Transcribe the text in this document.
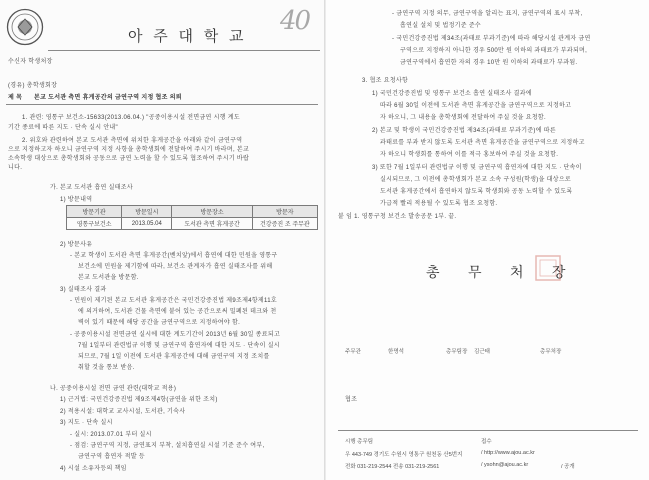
아 주 대 학 교 40
수신자 학생처장
(경유) 총학생회장
제 목 본교 도서관 측면 휴게공간의 금연구역 지정 협조 의뢰
1. 관련: 영통구 보건소-15633(2013.06.04.) "공중이용시설 전면금연 시행 계도
기간 종료에 따른 지도 · 단속 실시 안내"
2. 위호와 관련하여 본교 도서관 측면에 위치한 휴게공간을 아래와 같이 금연구역
으로 지정하고자 하오니 금연구역 지정 사항을 총학생회에 전달하여 주시기 바라며, 본교
소속학생 대상으로 총학생회와 공동으로 금연 노력을 할 수 있도록 협조하여 주시기 바랍
니다.
가. 본교 도서관 흡연 실태조사
1) 방문내역
방문기관	방문일시	방문장소	방문자
영통구보건소	2013.05.04	도서관 측면 휴게공간	건강증진 조 주무관
2) 방문사유
- 본교 학생이 도서관 측면 휴게공간(벤치앞)에서 흡연에 대한 민원을 영통구
보건소에 민원을 제기함에 따라, 보건소 관계자가 흡연 실태조사를 위해
본교 도서관을 방문함.
3) 실태조사 결과
- 민원이 제기된 본교 도서관 휴게공간은 국민건강증진법 제9조제4항제11호
에 의거하여, 도서관 건물 측면에 붙어 있는 공간으로써 밀폐된 데크와 천
벽이 있기 때문에 해당 공간을 금연구역으로 지정하여야 함.
- 공중이용시설 전면금연 실시에 대한 계도기간이 2013년 6월 30일 종료되고
7월 1일부터 관련법규 이행 및 금연구역 흡연자에 대한 지도 · 단속이 실시
되므로, 7월 1일 이전에 도서관 휴게공간에 대해 금연구역 지정 조치를
취할 것을 통보 받음.
나. 공중이용시설 전면 금연 관련(대학교 적용)
1) 근거법: 국민건강증진법 제9조제4항(금연을 위한 조치)
2) 적용시설: 대학교 교사시설, 도서관, 기숙사
3) 지도 · 단속 실시
- 실시: 2013.07.01 부터 실시
- 점검: 금연구역 지정, 금연표지 부착, 설치흡연실 시설 기준 준수 여부,
금연구역 흡연자 적발 등
4) 시설 소유자등의 책임
- 금연구역 지정 의무, 금연구역을 알리는 표지, 금연구역의 표시 부착,
흡연실 설치 및 법정기준 준수
- 국민건강증진법 제34조(과태료 부과기준)에 따라 해당시설 관계자 금연
구역으로 지정하지 아니한 경우 500만 원 이하의 과태료가 부과되며,
금연구역에서 흡연한 자의 경우 10만 원 이하의 과태료가 부과됨.
3. 협조 요청사항
1) 국민건강증진법 및 영통구 보건소 흡연 실태조사 결과에
따라 6월 30일 이전에 도서관 측면 휴게공간을 금연구역으로 지정하고
자 하오니, 그 내용을 총학생회에 전달하여 주실 것을 요청함.
2) 본교 및 학생이 국민건강증진법 제34조(과태료 부과기준)에 따른
과태료를 부과 받지 않도록 도서관 측면 휴게공간을 금연구역으로 지정하고
자 하오니 학생회를 통하여 이를 적극 홍보하여 주실 것을 요청함.
3) 또한 7월 1일부터 관련법규 이행 및 금연구역 흡연자에 대한 지도 · 단속이
실시되므로, 그 이전에 총학생회가 본교 소속 구성원(학생)을 대상으로
도서관 휴게공간에서 흡연하지 않도록 학생회와 공동 노력할 수 있도록
가급적 빨리 적용될 수 있도록 협조 요청함.
붙 임 1. 영통구청 보건소 발송공문 1부. 끝.
총 무 처 장
주무관	한명석	총무팀장 김근태	총무처장
협조
시행 총무팀	접수
우 443-749 경기도 수원시 영통구 원천동 산5번지	/ http://www.ajou.ac.kr
전화 031-219-2544 전송 031-219-2561	/ ysohn@ajou.ac.kr	/ 공개
